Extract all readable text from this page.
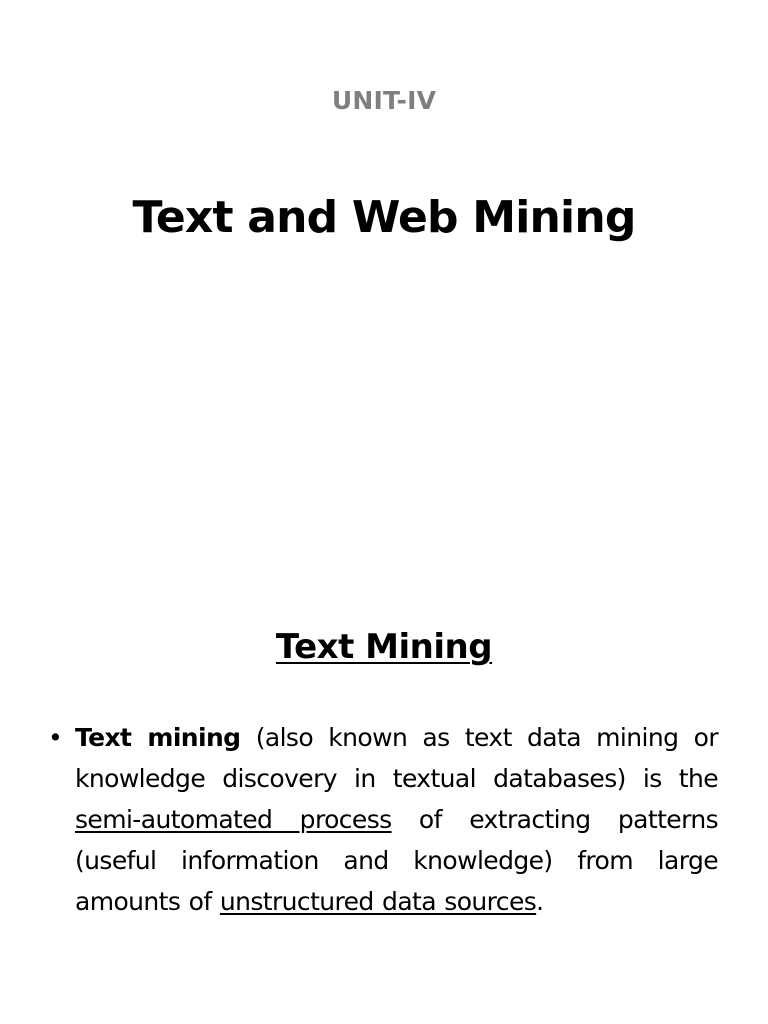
UNIT-IV
Text and Web Mining
Text Mining
• Text mining (also known as text data mining or knowledge discovery in textual databases) is the semi-automated process of extracting patterns (useful information and knowledge) from large amounts of unstructured data sources.
